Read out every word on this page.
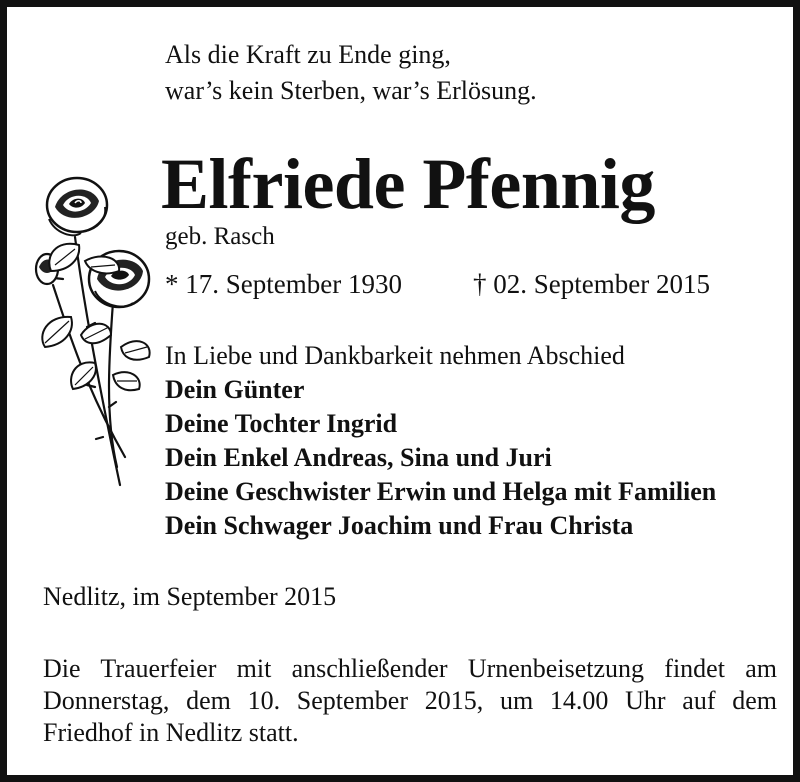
Als die Kraft zu Ende ging,
war’s kein Sterben, war’s Erlösung.
Elfriede Pfennig
geb. Rasch
* 17. September 1930	† 02. September 2015
In Liebe und Dankbarkeit nehmen Abschied
Dein Günter
Deine Tochter Ingrid
Dein Enkel Andreas, Sina und Juri
Deine Geschwister Erwin und Helga mit Familien
Dein Schwager Joachim und Frau Christa
Nedlitz, im September 2015
Die Trauerfeier mit anschließender Urnenbeisetzung findet am Donnerstag, dem 10. September 2015, um 14.00 Uhr auf dem Friedhof in Nedlitz statt.
